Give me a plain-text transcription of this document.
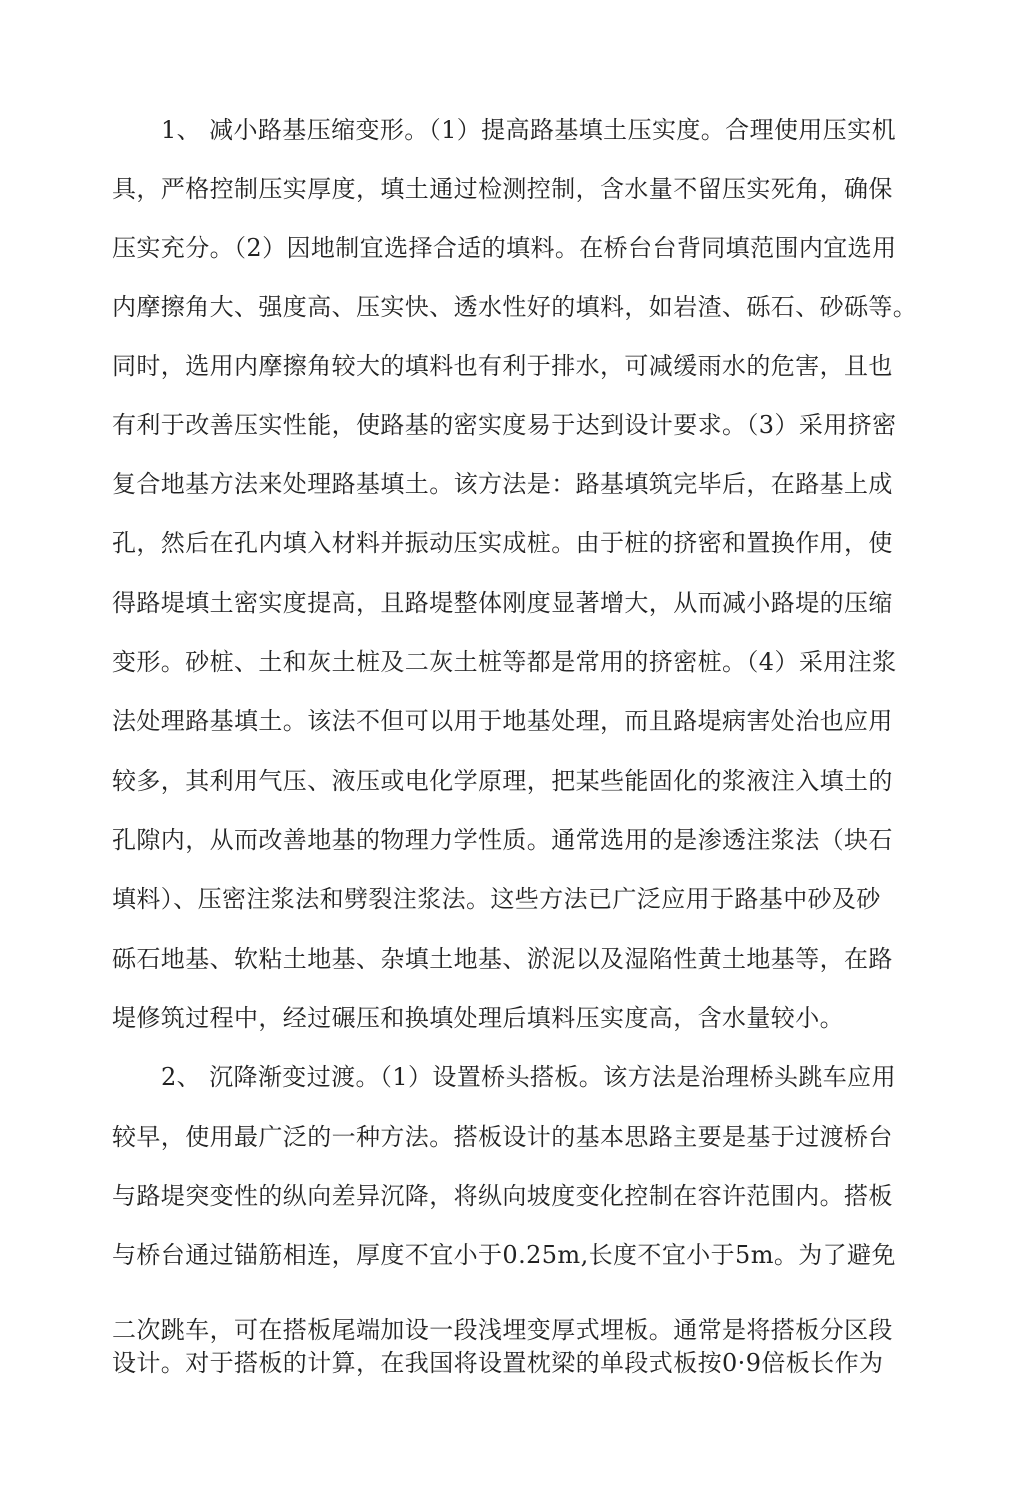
1、 减小路基压缩变形。（1）提高路基填土压实度。合理使用压实机
具，严格控制压实厚度，填土通过检测控制，含水量不留压实死角，确保
压实充分。（2）因地制宜选择合适的填料。在桥台台背同填范围内宜选用
内摩擦角大、强度高、压实快、透水性好的填料，如岩渣、砾石、砂砾等。
同时，选用内摩擦角较大的填料也有利于排水，可减缓雨水的危害，且也
有利于改善压实性能，使路基的密实度易于达到设计要求。（3）采用挤密
复合地基方法来处理路基填土。该方法是：路基填筑完毕后，在路基上成
孔，然后在孔内填入材料并振动压实成桩。由于桩的挤密和置换作用，使
得路堤填土密实度提高，且路堤整体刚度显著增大，从而减小路堤的压缩
变形。砂桩、土和灰土桩及二灰土桩等都是常用的挤密桩。（4）采用注浆
法处理路基填土。该法不但可以用于地基处理，而且路堤病害处治也应用
较多，其利用气压、液压或电化学原理，把某些能固化的浆液注入填土的
孔隙内，从而改善地基的物理力学性质。通常选用的是渗透注浆法（块石
填料）、压密注浆法和劈裂注浆法。这些方法已广泛应用于路基中砂及砂
砾石地基、软粘土地基、杂填土地基、淤泥以及湿陷性黄土地基等，在路
堤修筑过程中，经过碾压和换填处理后填料压实度高，含水量较小。
2、 沉降渐变过渡。（1）设置桥头搭板。该方法是治理桥头跳车应用
较早，使用最广泛的一种方法。搭板设计的基本思路主要是基于过渡桥台
与路堤突变性的纵向差异沉降，将纵向坡度变化控制在容许范围内。搭板
与桥台通过锚筋相连，厚度不宜小于0.25m,长度不宜小于5m。为了避免
二次跳车，可在搭板尾端加设一段浅埋变厚式埋板。通常是将搭板分区段
设计。对于搭板的计算，在我国将设置枕梁的单段式板按0·9倍板长作为
